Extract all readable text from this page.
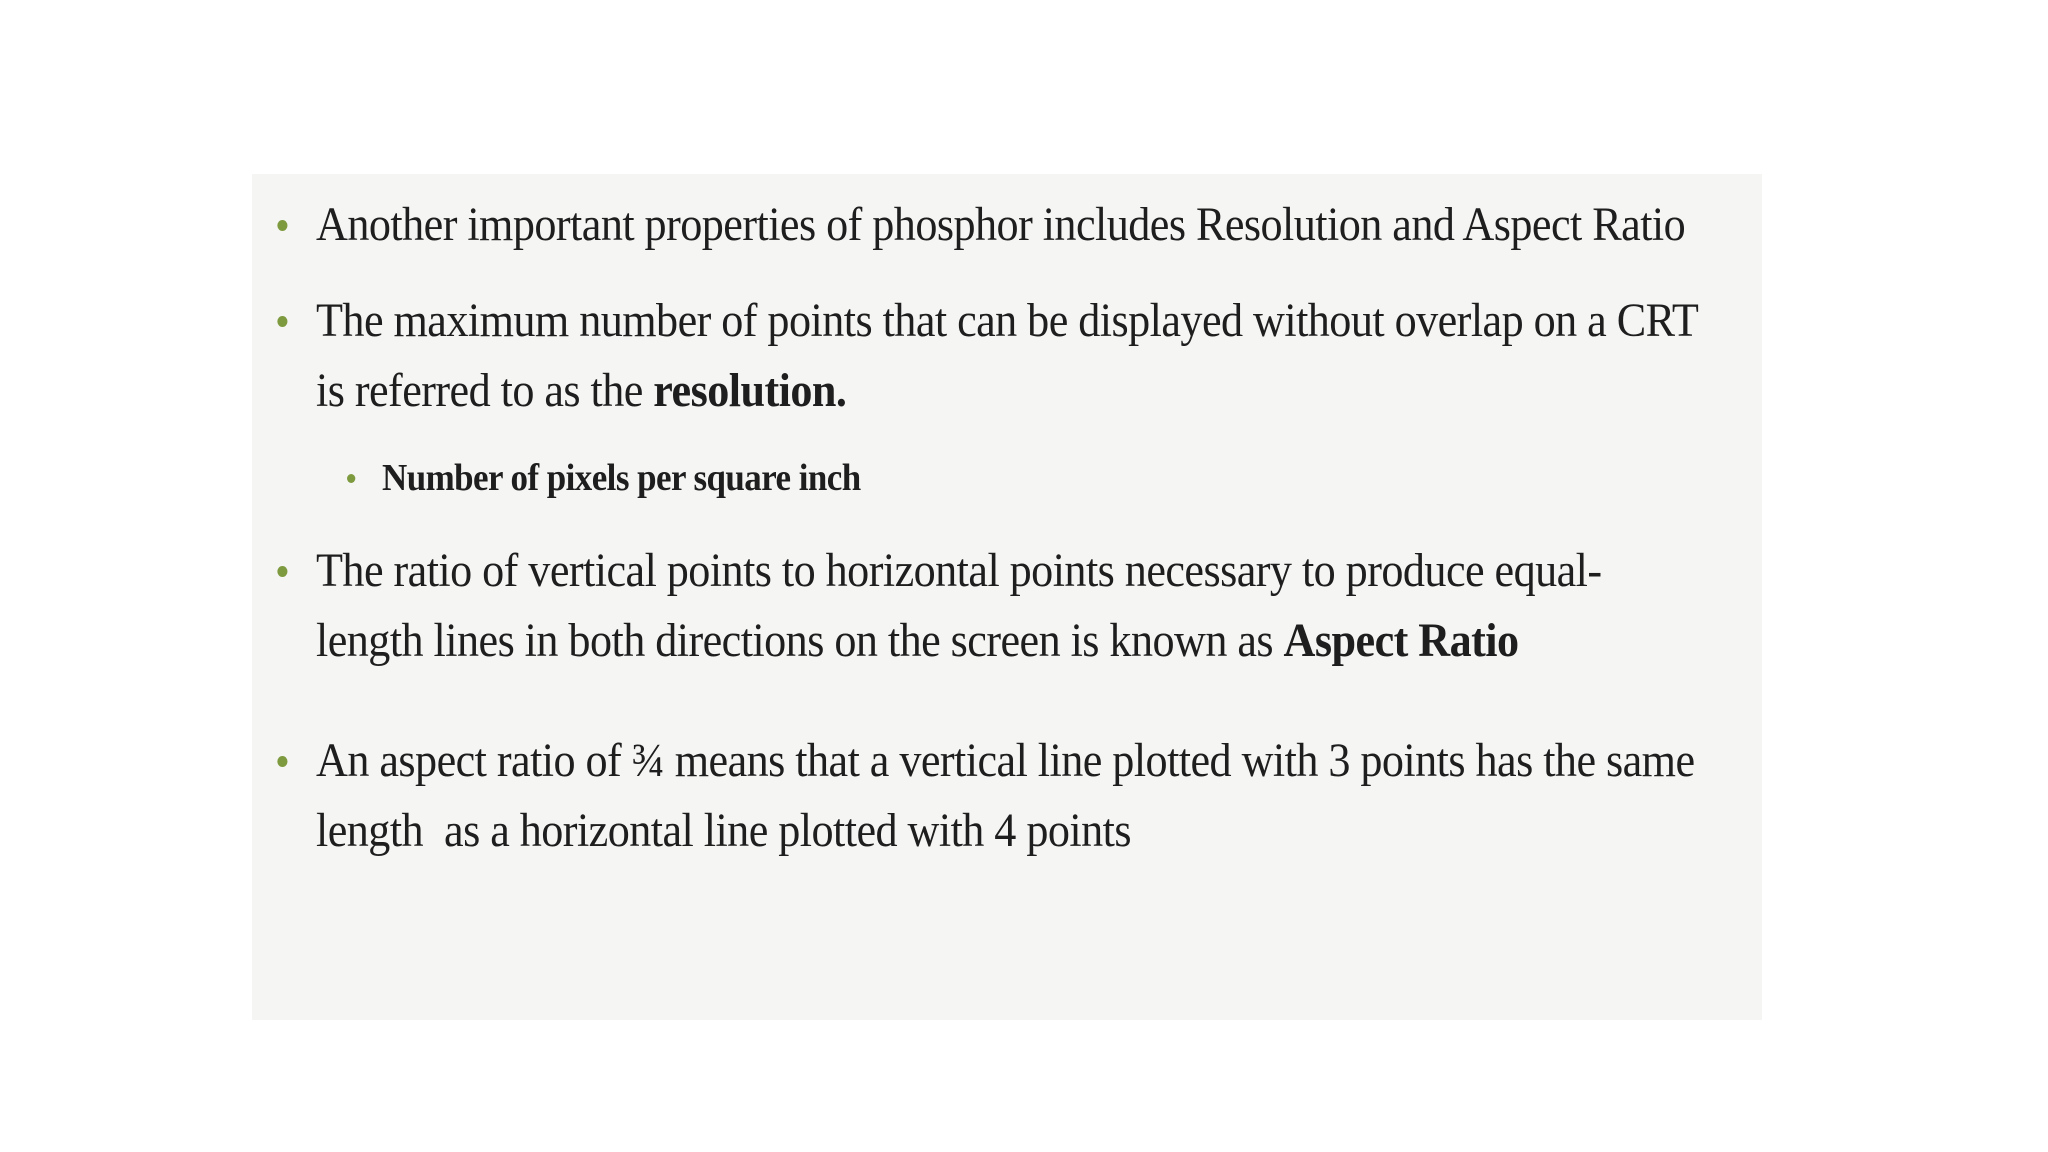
Another important properties of phosphor includes Resolution and Aspect Ratio
The maximum number of points that can be displayed without overlap on a CRT
is referred to as the resolution.
Number of pixels per square inch
The ratio of vertical points to horizontal points necessary to produce equal-
length lines in both directions on the screen is known as Aspect Ratio
An aspect ratio of ¾ means that a vertical line plotted with 3 points has the same
length  as a horizontal line plotted with 4 points
